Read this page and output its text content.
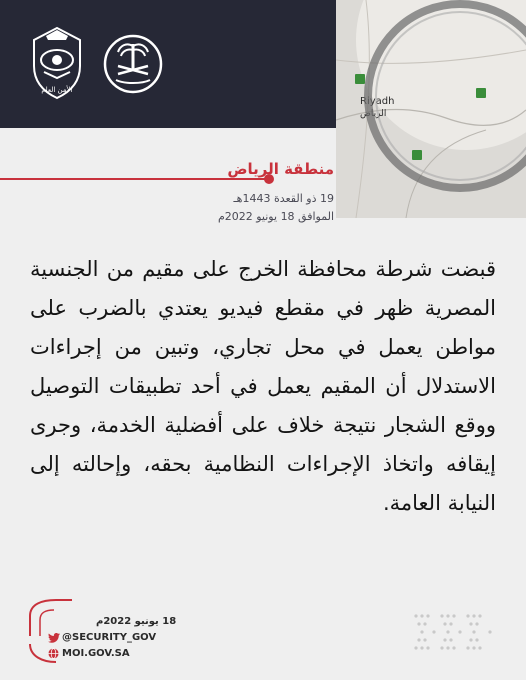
الأمن العام
Riyadh
الرياض
منطقة الرياض
19 ذو القعدة 1443هـ
الموافق 18 يونيو 2022م
قبضت شرطة محافظة الخرج على مقيم من الجنسية المصرية ظهر في مقطع فيديو يعتدي بالضرب على مواطن يعمل في محل تجاري، وتبين من إجراءات الاستدلال أن المقيم يعمل في أحد تطبيقات التوصيل ووقع الشجار نتيجة خلاف على أفضلية الخدمة، وجرى إيقافه واتخاذ الإجراءات النظامية بحقه، وإحالته إلى النيابة العامة.
18 يونيو 2022م
@SECURITY_GOV
MOI.GOV.SA
